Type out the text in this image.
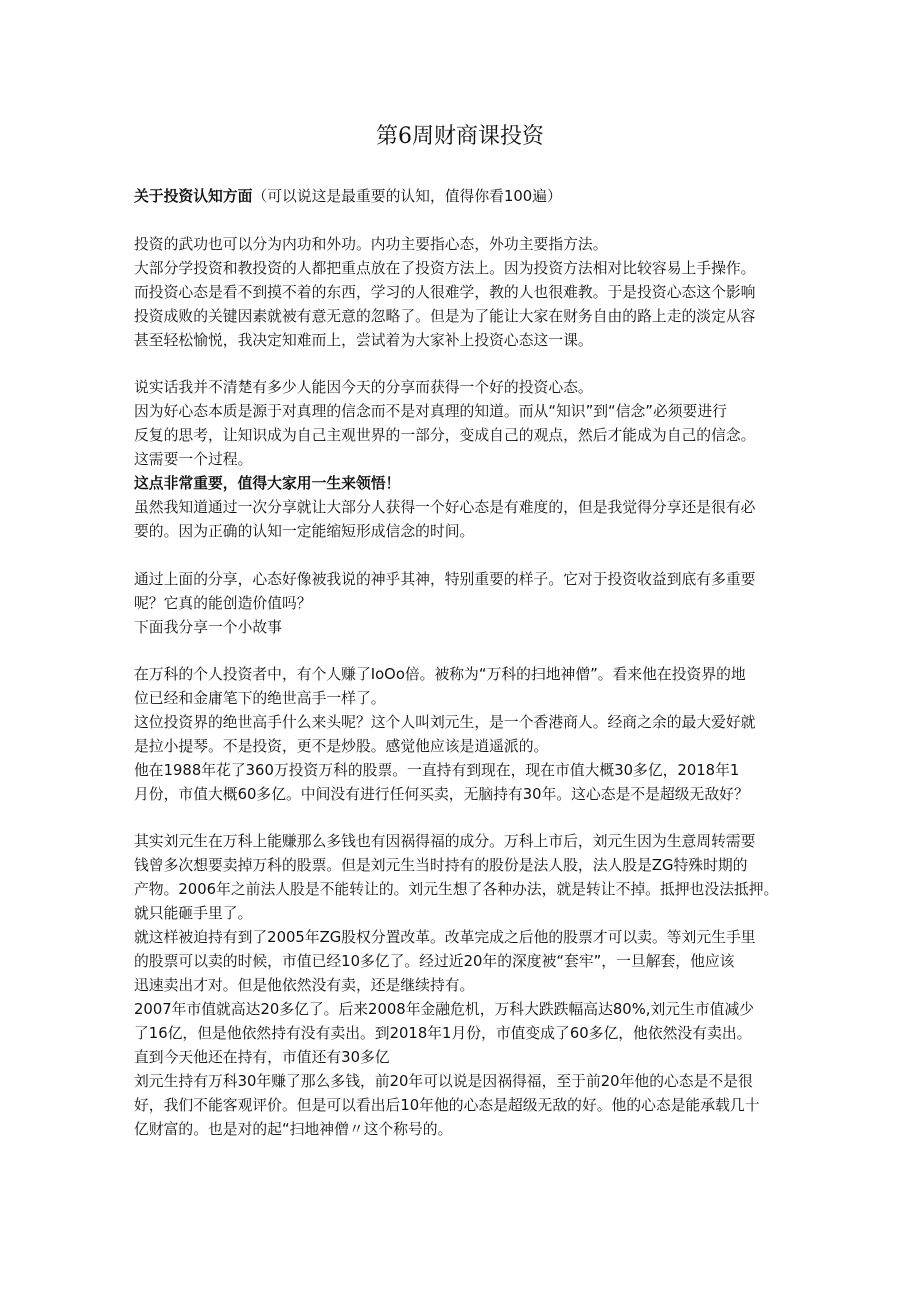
第6周财商课投资
关于投资认知方面（可以说这是最重要的认知，值得你看100遍）
投资的武功也可以分为内功和外功。内功主要指心态，外功主要指方法。
大部分学投资和教投资的人都把重点放在了投资方法上。因为投资方法相对比较容易上手操作。
而投资心态是看不到摸不着的东西，学习的人很难学，教的人也很难教。于是投资心态这个影响
投资成败的关键因素就被有意无意的忽略了。但是为了能让大家在财务自由的路上走的淡定从容
甚至轻松愉悦，我决定知难而上，尝试着为大家补上投资心态这一课。
说实话我并不清楚有多少人能因今天的分享而获得一个好的投资心态。
因为好心态本质是源于对真理的信念而不是对真理的知道。而从“知识”到“信念”必须要进行
反复的思考，让知识成为自己主观世界的一部分，变成自己的观点，然后才能成为自己的信念。
这需要一个过程。
这点非常重要，值得大家用一生来领悟！
虽然我知道通过一次分享就让大部分人获得一个好心态是有难度的，但是我觉得分享还是很有必
要的。因为正确的认知一定能缩短形成信念的时间。
通过上面的分享，心态好像被我说的神乎其神，特别重要的样子。它对于投资收益到底有多重要
呢？它真的能创造价值吗？
下面我分享一个小故事
在万科的个人投资者中，有个人赚了IoOo倍。被称为“万科的扫地神僧”。看来他在投资界的地
位已经和金庸笔下的绝世高手一样了。
这位投资界的绝世高手什么来头呢？这个人叫刘元生，是一个香港商人。经商之余的最大爱好就
是拉小提琴。不是投资，更不是炒股。感觉他应该是逍遥派的。
他在1988年花了360万投资万科的股票。一直持有到现在，现在市值大概30多亿，2018年1
月份，市值大概60多亿。中间没有进行任何买卖，无脑持有30年。这心态是不是超级无敌好？
其实刘元生在万科上能赚那么多钱也有因祸得福的成分。万科上市后，刘元生因为生意周转需要
钱曾多次想要卖掉万科的股票。但是刘元生当时持有的股份是法人股，法人股是ZG特殊时期的
产物。2006年之前法人股是不能转让的。刘元生想了各种办法，就是转让不掉。抵押也没法抵押。
就只能砸手里了。
就这样被迫持有到了2005年ZG股权分置改革。改革完成之后他的股票才可以卖。等刘元生手里
的股票可以卖的时候，市值已经10多亿了。经过近20年的深度被“套牢”，一旦解套，他应该
迅速卖出才对。但是他依然没有卖，还是继续持有。
2007年市值就高达20多亿了。后来2008年金融危机，万科大跌跌幅高达80%,刘元生市值减少
了16亿，但是他依然持有没有卖出。到2018年1月份，市值变成了60多亿，他依然没有卖出。
直到今天他还在持有，市值还有30多亿
刘元生持有万科30年赚了那么多钱，前20年可以说是因祸得福，至于前20年他的心态是不是很
好，我们不能客观评价。但是可以看出后10年他的心态是超级无敌的好。他的心态是能承载几十
亿财富的。也是对的起“扫地神僧〃这个称号的。
